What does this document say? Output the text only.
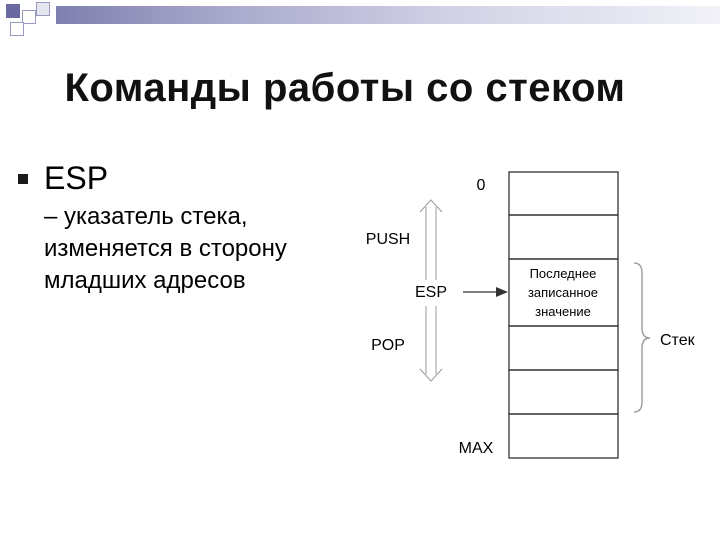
Команды работы со стеком
ESP
– указатель стека,
изменяется в сторону
младших адресов
0
MAX
PUSH
POP
ESP
Последнее
записанное
значение
Стек
